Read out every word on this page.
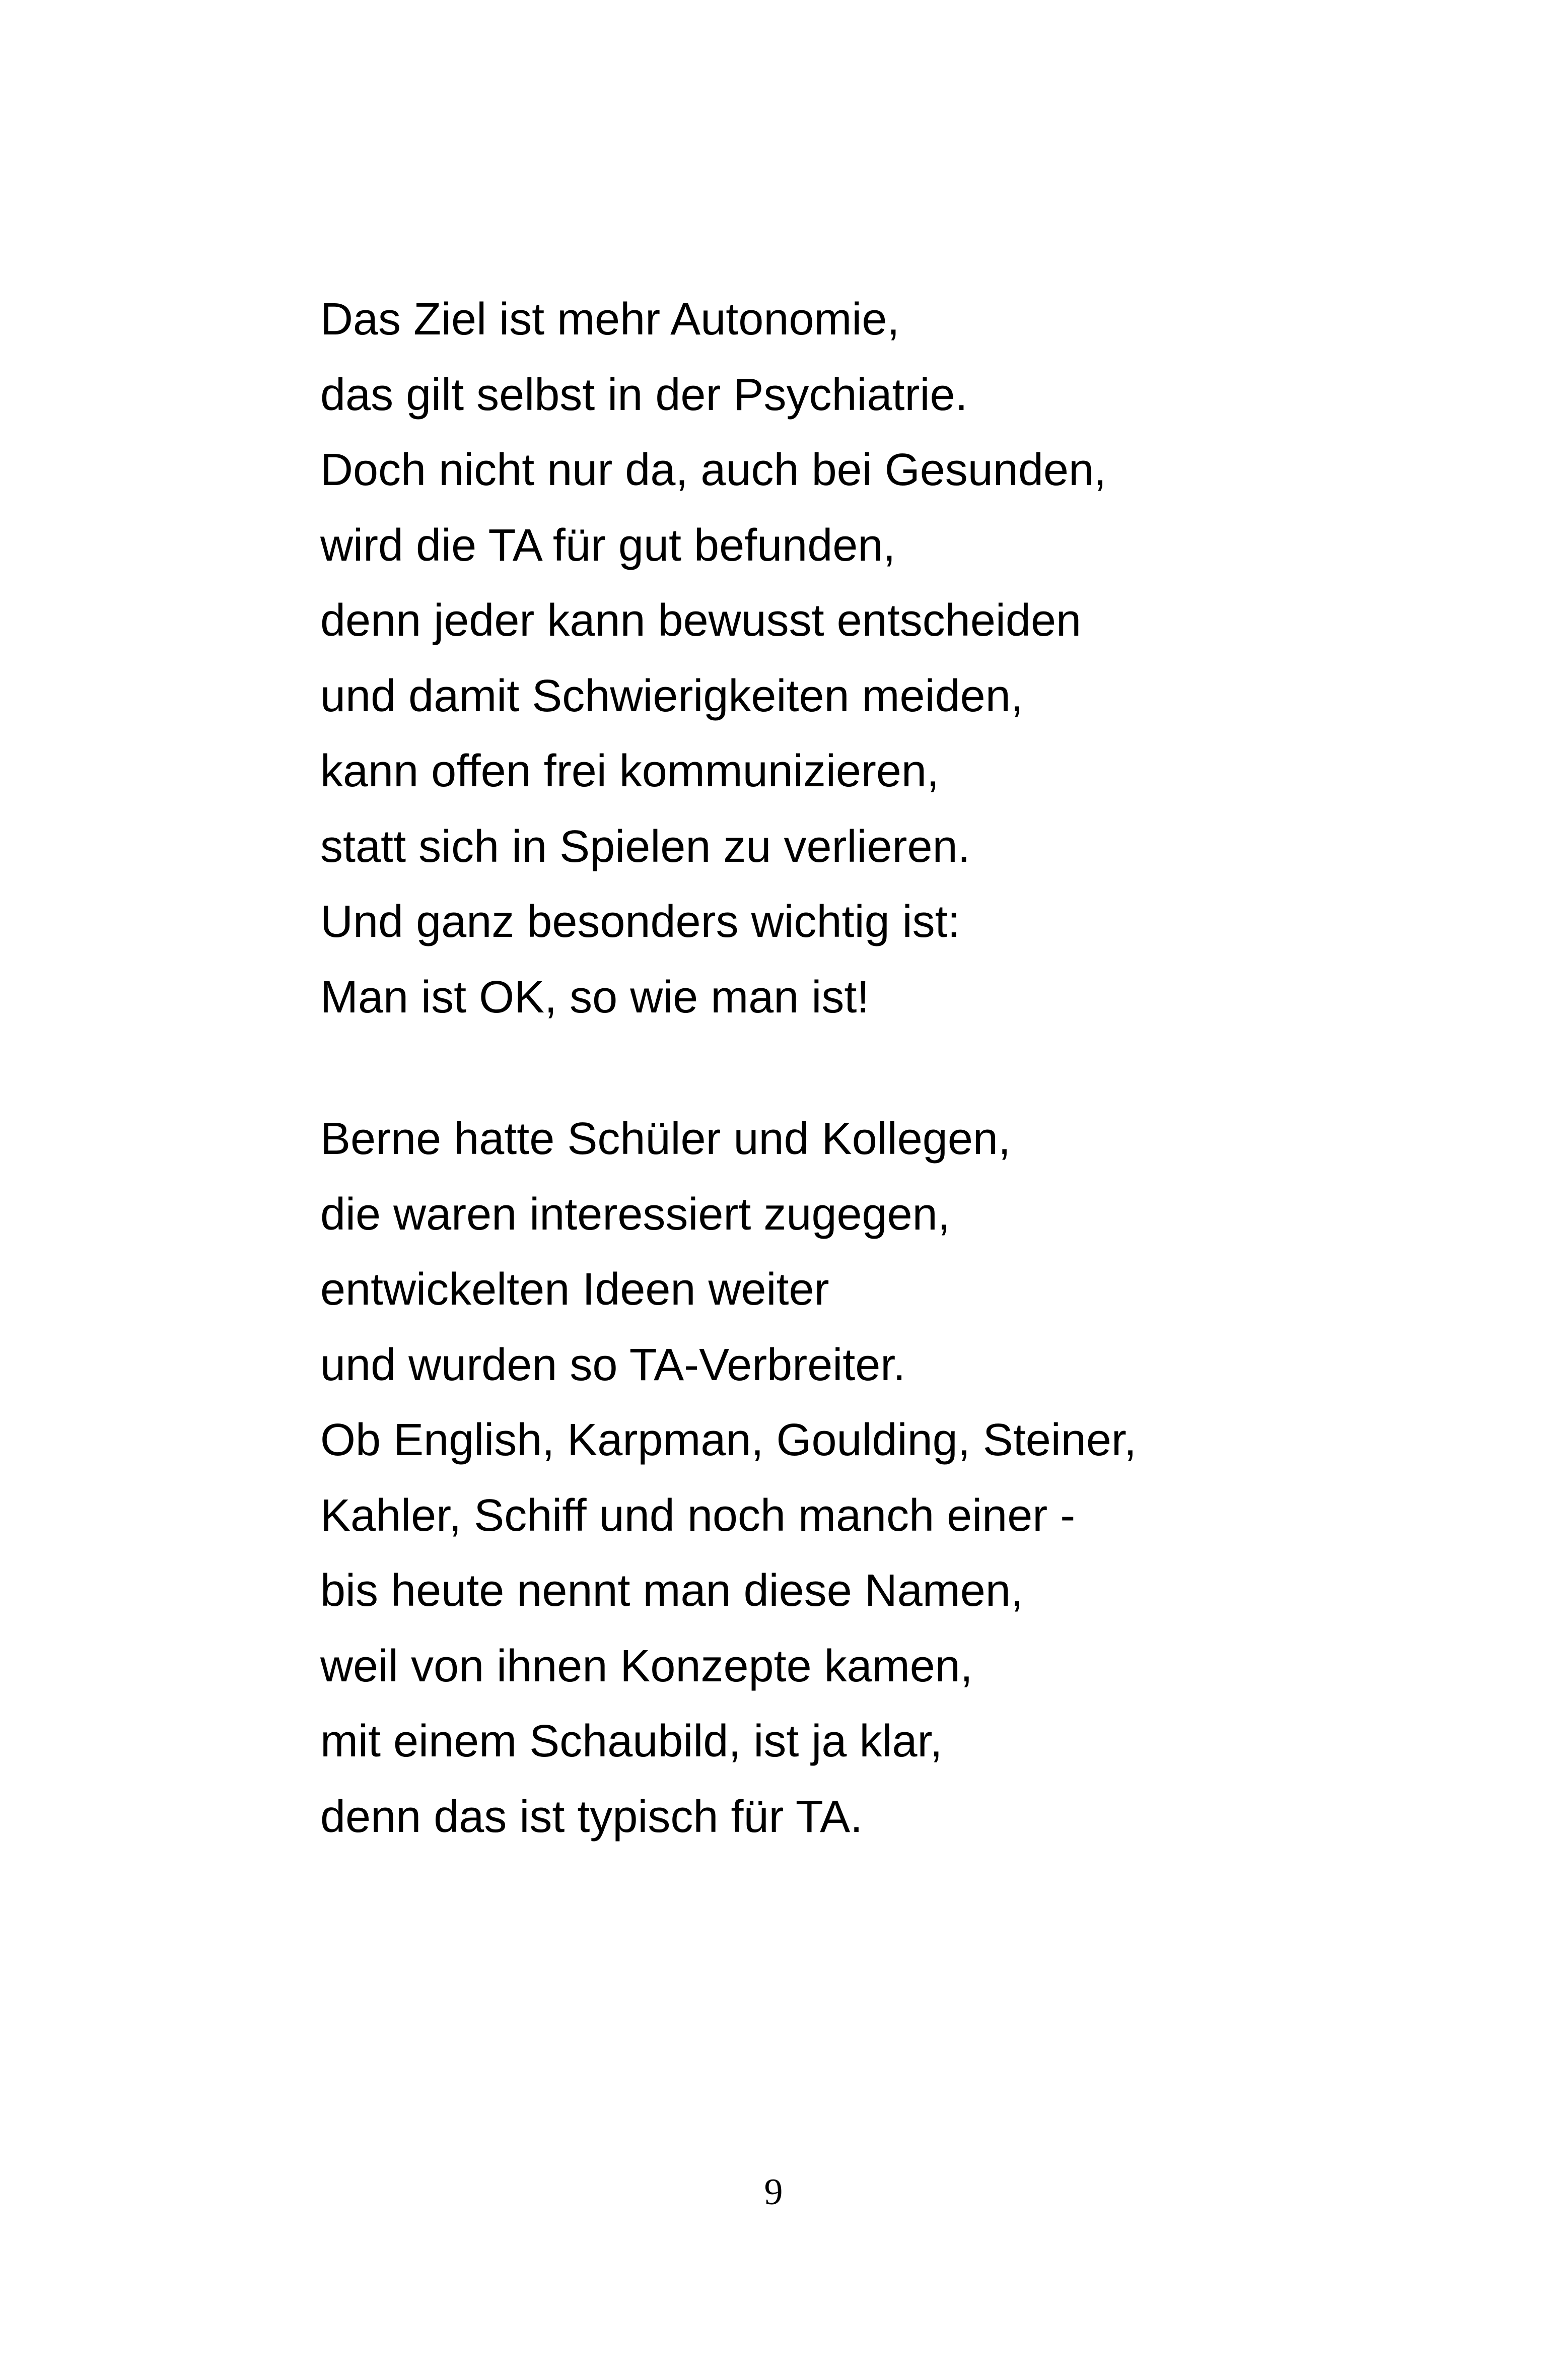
Das Ziel ist mehr Autonomie,
das gilt selbst in der Psychiatrie.
Doch nicht nur da, auch bei Gesunden,
wird die TA für gut befunden,
denn jeder kann bewusst entscheiden
und damit Schwierigkeiten meiden,
kann offen frei kommunizieren,
statt sich in Spielen zu verlieren.
Und ganz besonders wichtig ist:
Man ist OK, so wie man ist!
Berne hatte Schüler und Kollegen,
die waren interessiert zugegen,
entwickelten Ideen weiter
und wurden so TA-Verbreiter.
Ob English, Karpman, Goulding, Steiner,
Kahler, Schiff und noch manch einer -
bis heute nennt man diese Namen,
weil von ihnen Konzepte kamen,
mit einem Schaubild, ist ja klar,
denn das ist typisch für TA.
9
